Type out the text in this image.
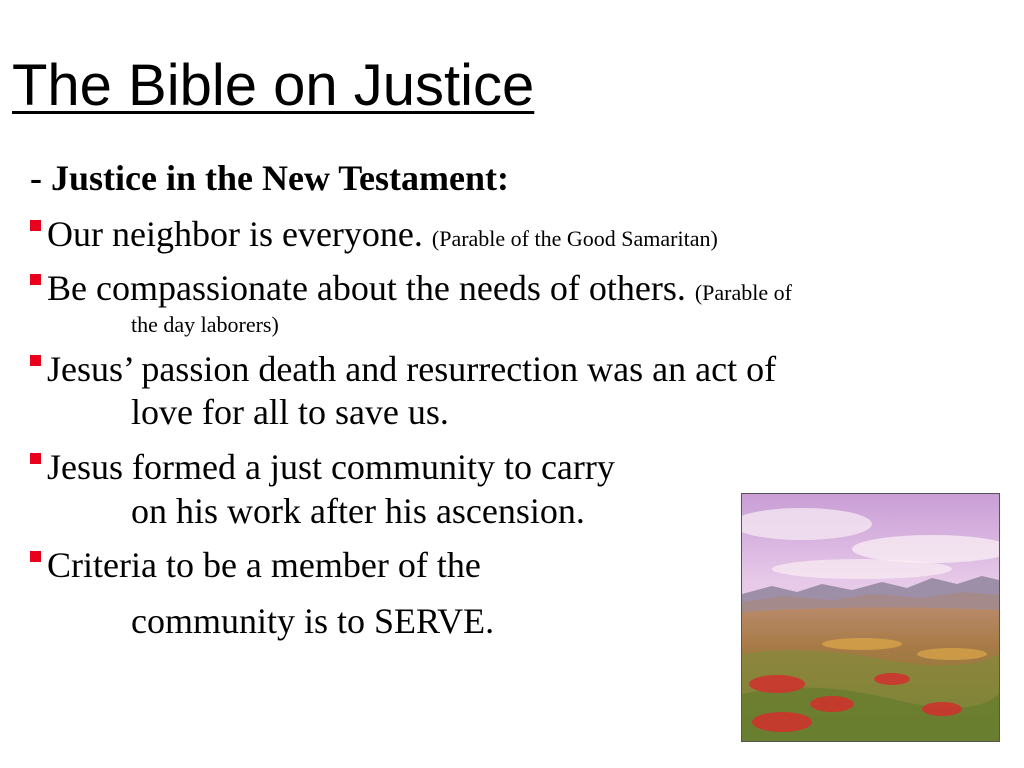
The Bible on Justice
- Justice in the New Testament:
Our neighbor is everyone. (Parable of the Good Samaritan)
Be compassionate about the needs of others. (Parable of
the day laborers)
Jesus’ passion death and resurrection was an act of
love for all to save us.
Jesus formed a just community to carry
on his work after his ascension.
Criteria to be a member of the
community is to SERVE.
